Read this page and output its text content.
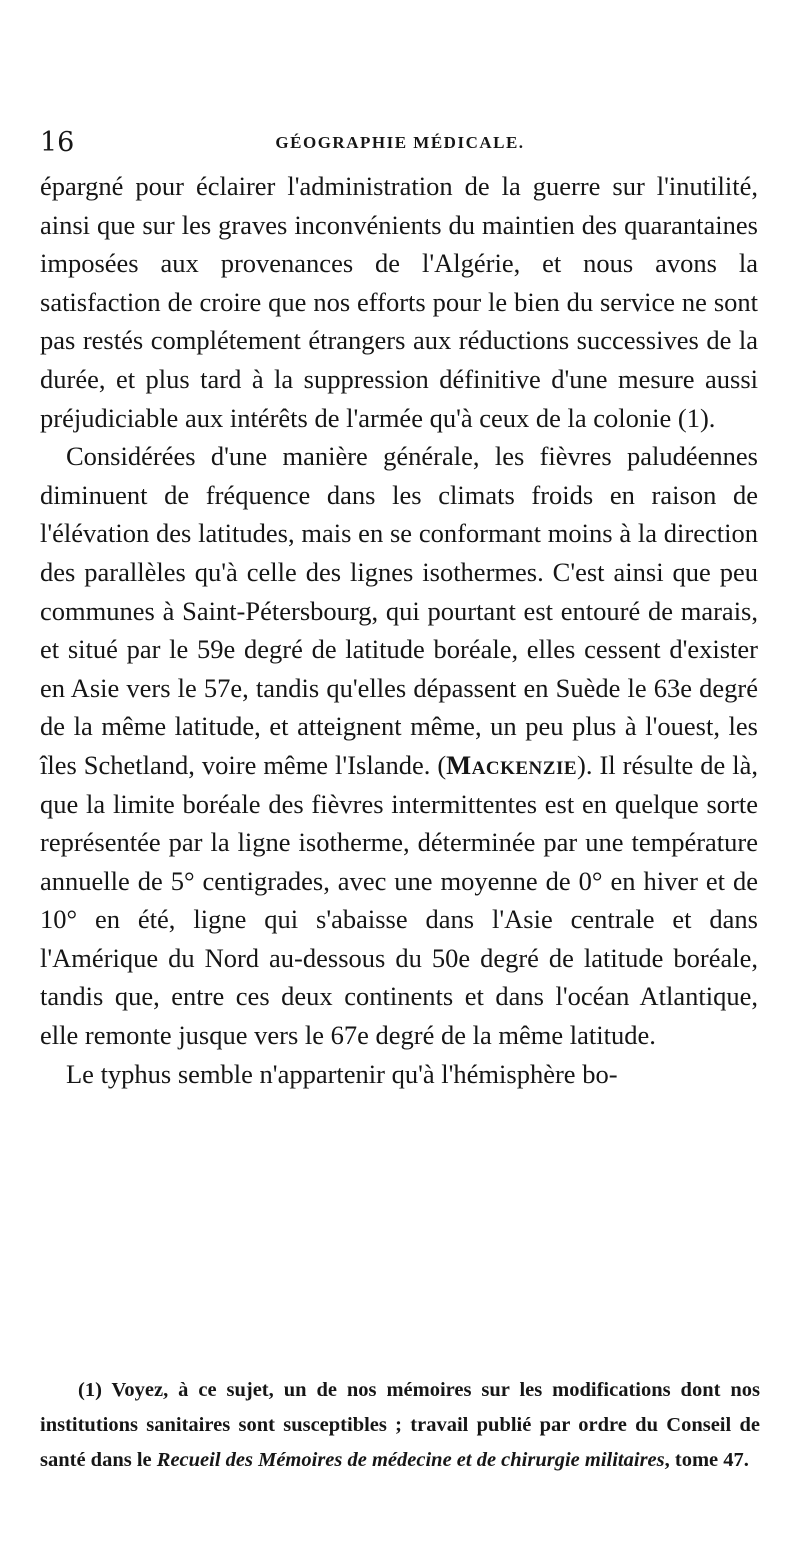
16	GÉOGRAPHIE MÉDICALE.

épargné pour éclairer l'administration de la guerre sur l'inutilité, ainsi que sur les graves inconvénients du maintien des quarantaines imposées aux provenances de l'Algérie, et nous avons la satisfaction de croire que nos efforts pour le bien du service ne sont pas restés complétement étrangers aux réductions successives de la durée, et plus tard à la suppression définitive d'une mesure aussi préjudiciable aux intérêts de l'armée qu'à ceux de la colonie (1).

Considérées d'une manière générale, les fièvres paludéennes diminuent de fréquence dans les climats froids en raison de l'élévation des latitudes, mais en se conformant moins à la direction des parallèles qu'à celle des lignes isothermes. C'est ainsi que peu communes à Saint-Pétersbourg, qui pourtant est entouré de marais, et situé par le 59e degré de latitude boréale, elles cessent d'exister en Asie vers le 57e, tandis qu'elles dépassent en Suède le 63e degré de la même latitude, et atteignent même, un peu plus à l'ouest, les îles Schetland, voire même l'Islande. (Mackenzie). Il résulte de là, que la limite boréale des fièvres intermittentes est en quelque sorte représentée par la ligne isotherme, déterminée par une température annuelle de 5° centigrades, avec une moyenne de 0° en hiver et de 10° en été, ligne qui s'abaisse dans l'Asie centrale et dans l'Amérique du Nord au-dessous du 50e degré de latitude boréale, tandis que, entre ces deux continents et dans l'océan Atlantique, elle remonte jusque vers le 67e degré de la même latitude.

Le typhus semble n'appartenir qu'à l'hémisphère bo-

(1) Voyez, à ce sujet, un de nos mémoires sur les modifications dont nos institutions sanitaires sont susceptibles ; travail publié par ordre du Conseil de santé dans le Recueil des Mémoires de médecine et de chirurgie militaires, tome 47.
